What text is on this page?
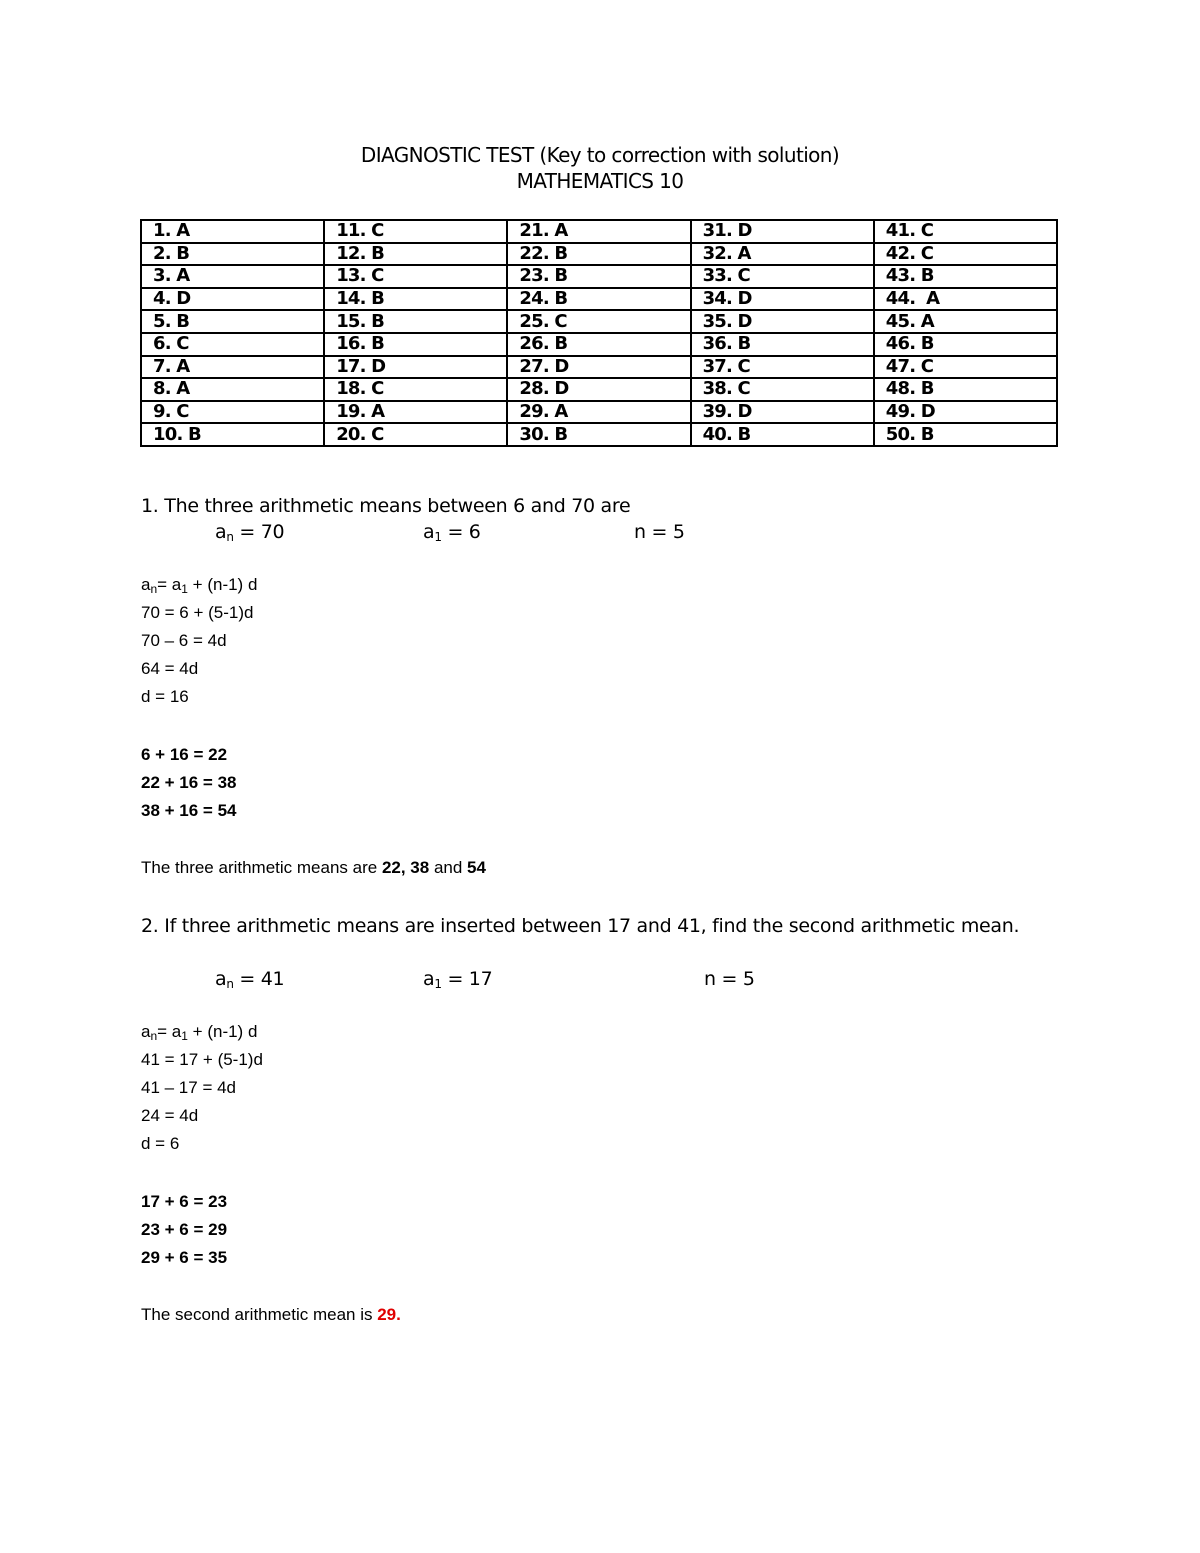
DIAGNOSTIC TEST (Key to correction with solution)
MATHEMATICS 10
1. A	11. C	21. A	31. D	41. C
2. B	12. B	22. B	32. A	42. C
3. A	13. C	23. B	33. C	43. B
4. D	14. B	24. B	34. D	44.  A
5. B	15. B	25. C	35. D	45. A
6. C	16. B	26. B	36. B	46. B
7. A	17. D	27. D	37. C	47. C
8. A	18. C	28. D	38. C	48. B
9. C	19. A	29. A	39. D	49. D
10. B	20. C	30. B	40. B	50. B
1. The three arithmetic means between 6 and 70 are
$a_n = 70$	$a_1 = 6$	n = 5
$a_n= a_1 + (n-1)$ d
70 = 6 + (5-1)d
70 – 6 = 4d
64 = 4d
d = 16
6 + 16 = 22
22 + 16 = 38
38 + 16 = 54
The three arithmetic means are 22, 38 and 54
2. If three arithmetic means are inserted between 17 and 41, find the second arithmetic mean.
$a_n = 41$	$a_1 = 17$	n = 5
$a_n= a_1 + (n-1)$ d
41 = 17 + (5-1)d
41 – 17 = 4d
24 = 4d
d = 6
17 + 6 = 23
23 + 6 = 29
29 + 6 = 35
The second arithmetic mean is 29.
